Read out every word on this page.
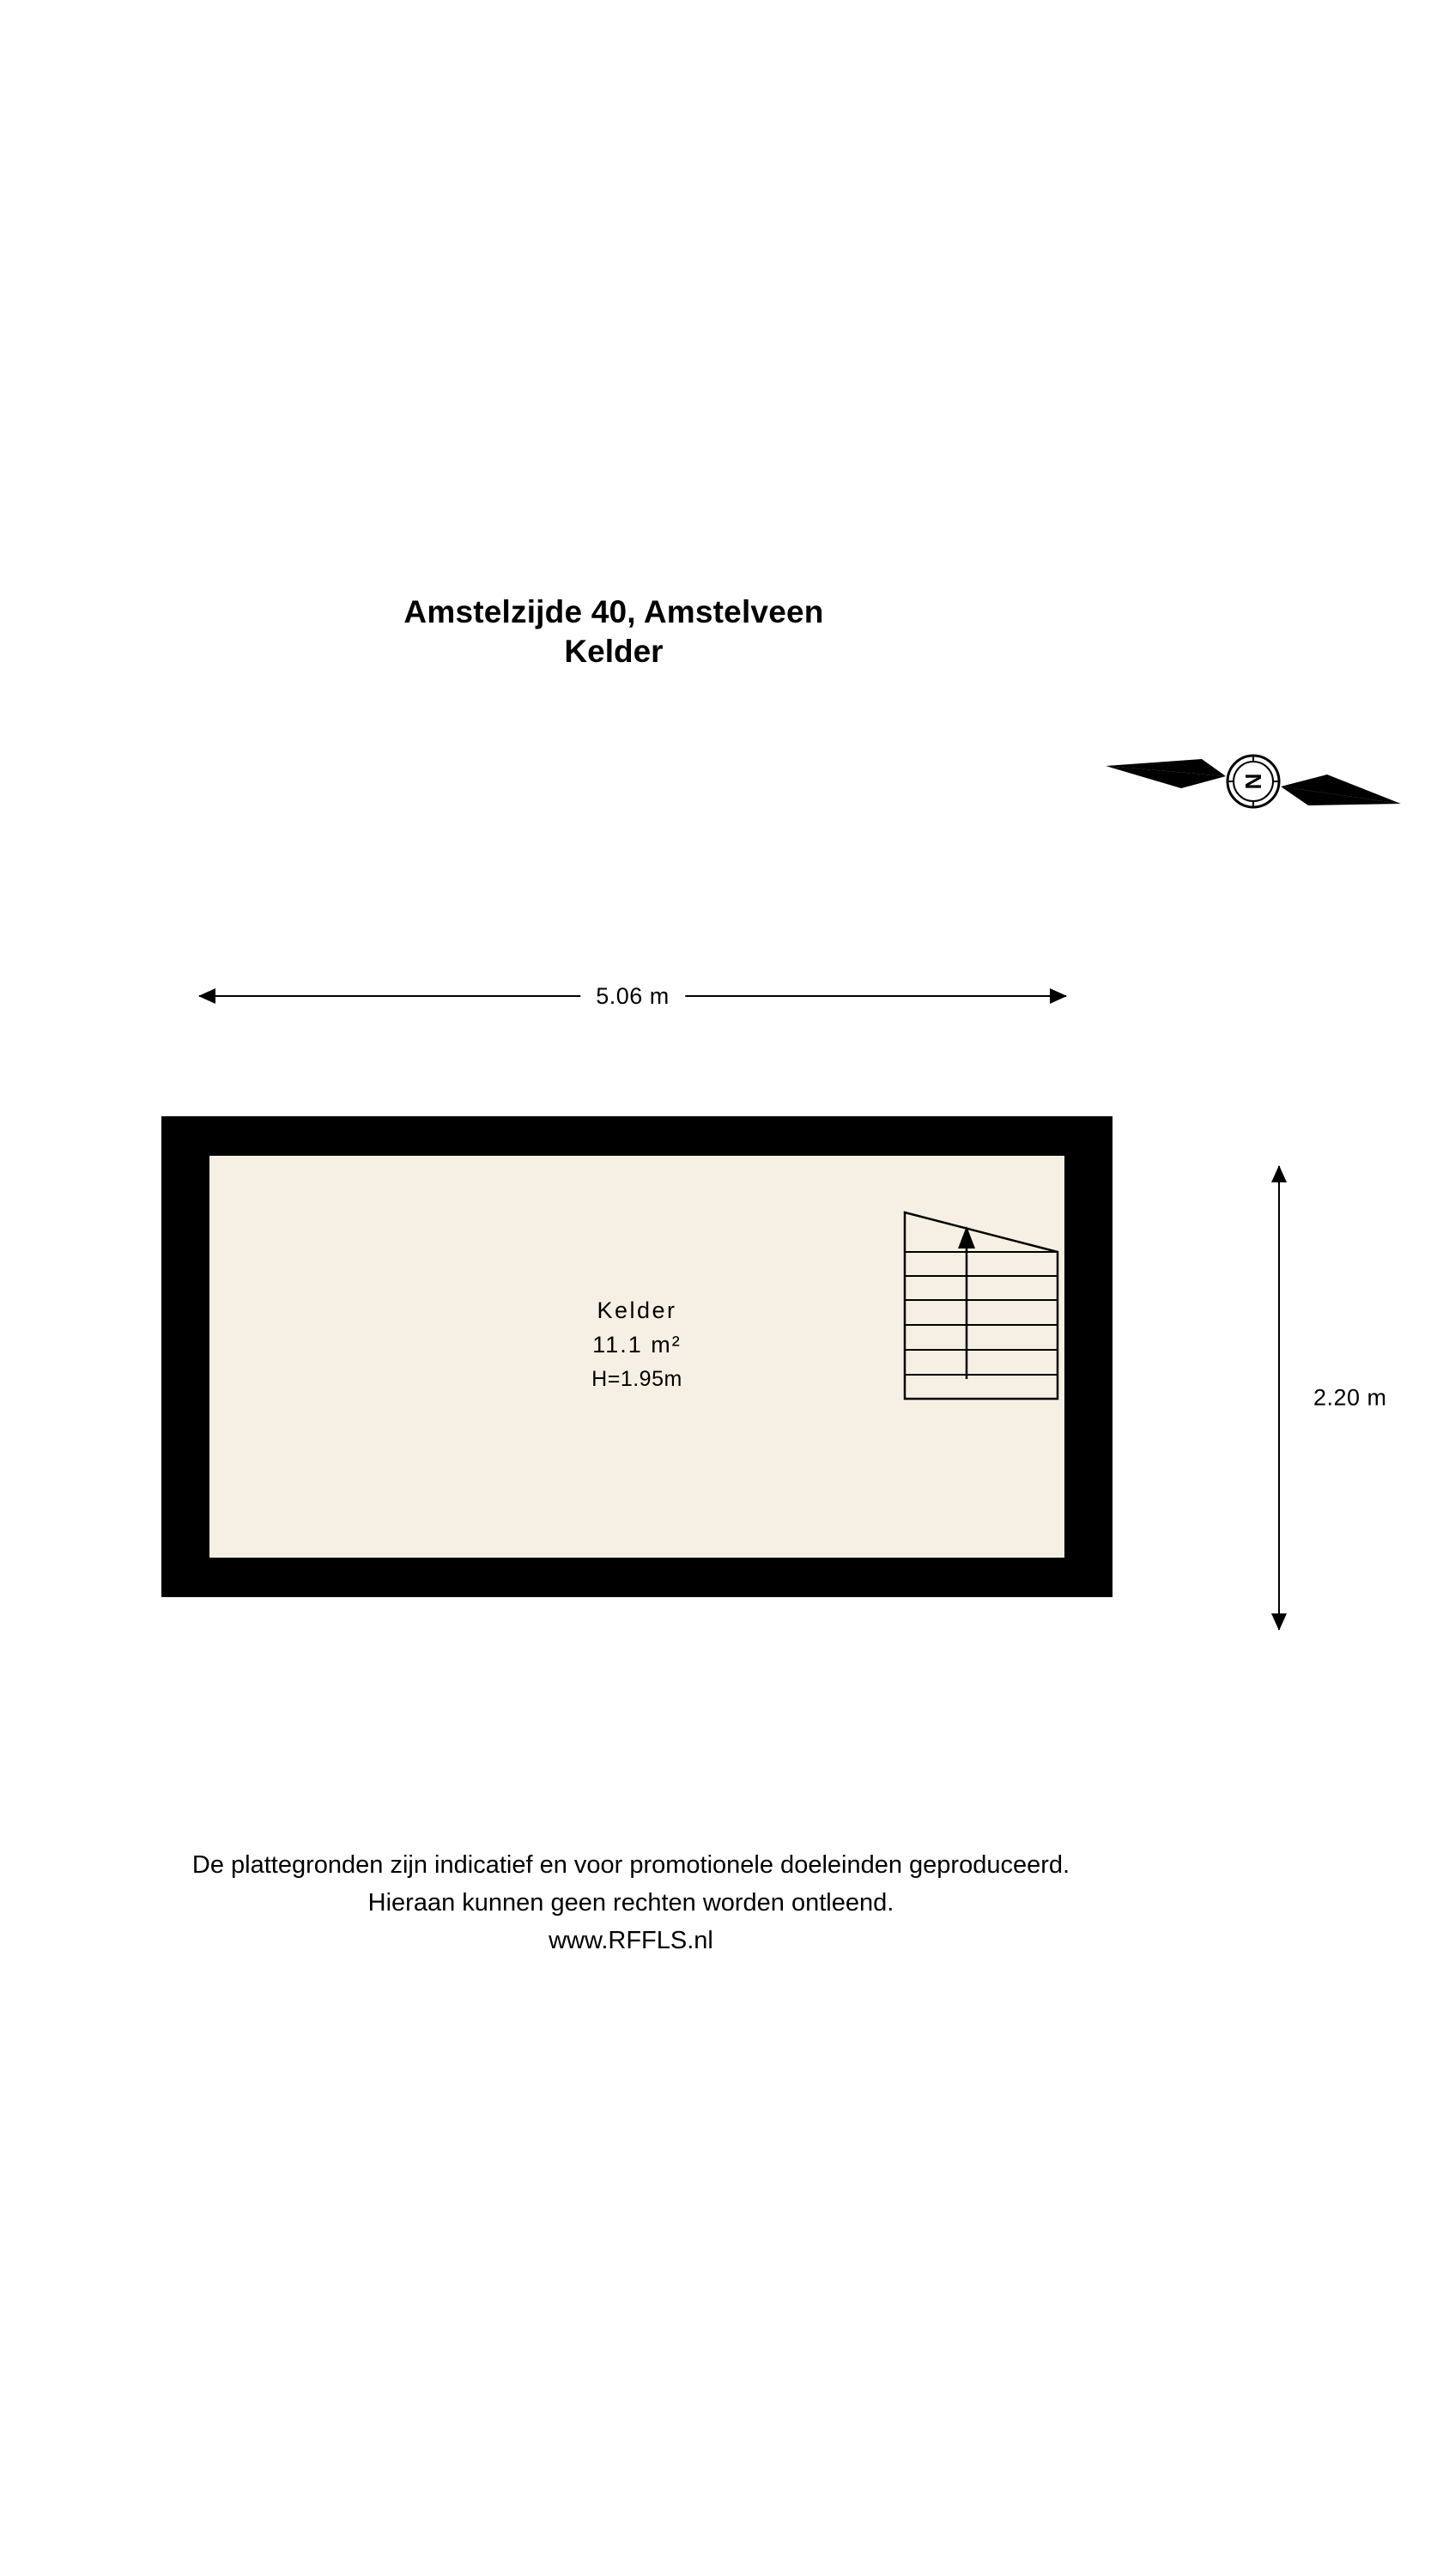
Amstelzijde 40, Amstelveen
Kelder
N
5.06 m
2.20 m
Kelder
11.1 m²
H=1.95m
De plattegronden zijn indicatief en voor promotionele doeleinden geproduceerd.
Hieraan kunnen geen rechten worden ontleend.
www.RFFLS.nl
